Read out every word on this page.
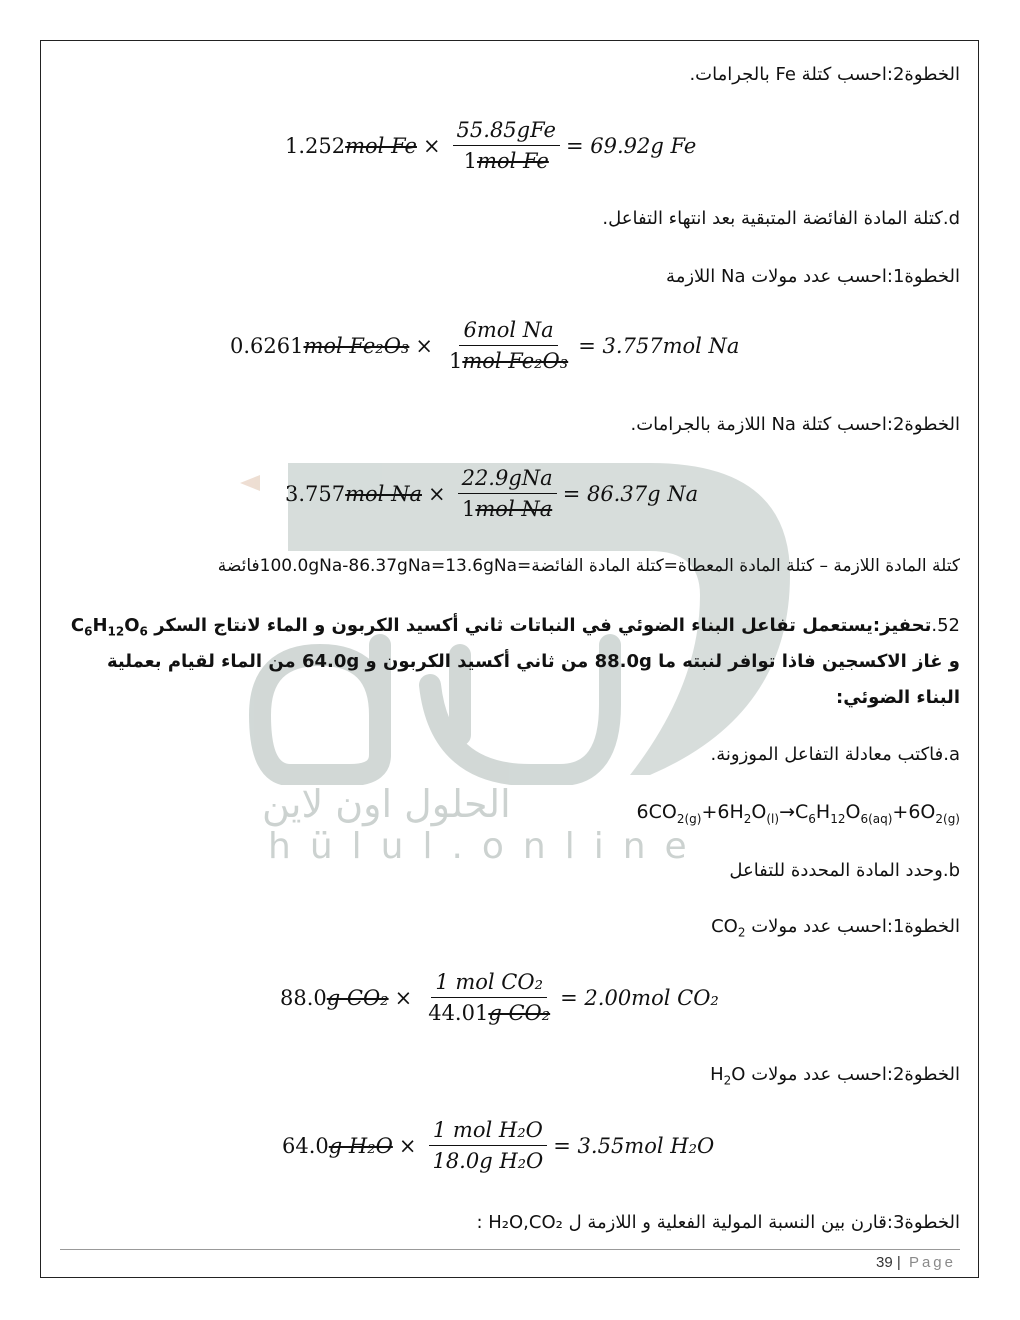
الحلول اون لاين
hülul.online
الخطوة2:احسب كتلة Fe بالجرامات.
1.252 mol $Fe \times \frac{\text{55.85gFe}}{\text{1mol Fe}} = 69.92g$ Fe
d.كتلة المادة الفائضة المتبقية بعد انتهاء التفاعل.
الخطوة1:احسب عدد مولات Na اللازمة
0.6261 mol $Fe_2O_3 \times \frac{\text{6mol Na}}{\text{1mol Fe₂O₃}} = 3.757mol$ Na
الخطوة2:احسب كتلة Na اللازمة بالجرامات.
3.757 mol $Na \times \frac{\text{22.9gNa}}{\text{1mol Na}} = 86.37g$ Na
كتلة المادة اللازمة – كتلة المادة المعطاة=كتلة المادة الفائضة=100.0gNa-86.37gNa=13.6gNaفائضة
52.تحفيز:يستعمل تفاعل البناء الضوئي في النباتات ثاني أكسيد الكربون و الماء لانتاج السكر $C_6H_{12}O_6$
و غاز الاكسجين فاذا توافر لنبته ما 88.0g من ثاني أكسيد الكربون و 64.0g من الماء لقيام بعملية
البناء الضوئي:
a.فاكتب معادلة التفاعل الموزونة.
$6CO_{2(g)}+6H_2O_{(l)}\to C_6H_{12}O_{6(aq)}+6O_{2(g)}$
b.وحدد المادة المحددة للتفاعل
الخطوة1:احسب عدد مولات $CO_2$
88.0 g $CO_2 \times \frac{\text{1 mol CO₂}}{\text{44.01g CO₂}} = 2.00mol$ CO₂
الخطوة2:احسب عدد مولات $H_2O$
64.0 g $H_2O \times \frac{\text{1 mol H₂O}}{\text{18.0g H₂O}} = 3.55mol$ H₂O
الخطوة3:قارن بين النسبة المولية الفعلية و اللازمة ل H₂O,CO₂ :
39 | Page
